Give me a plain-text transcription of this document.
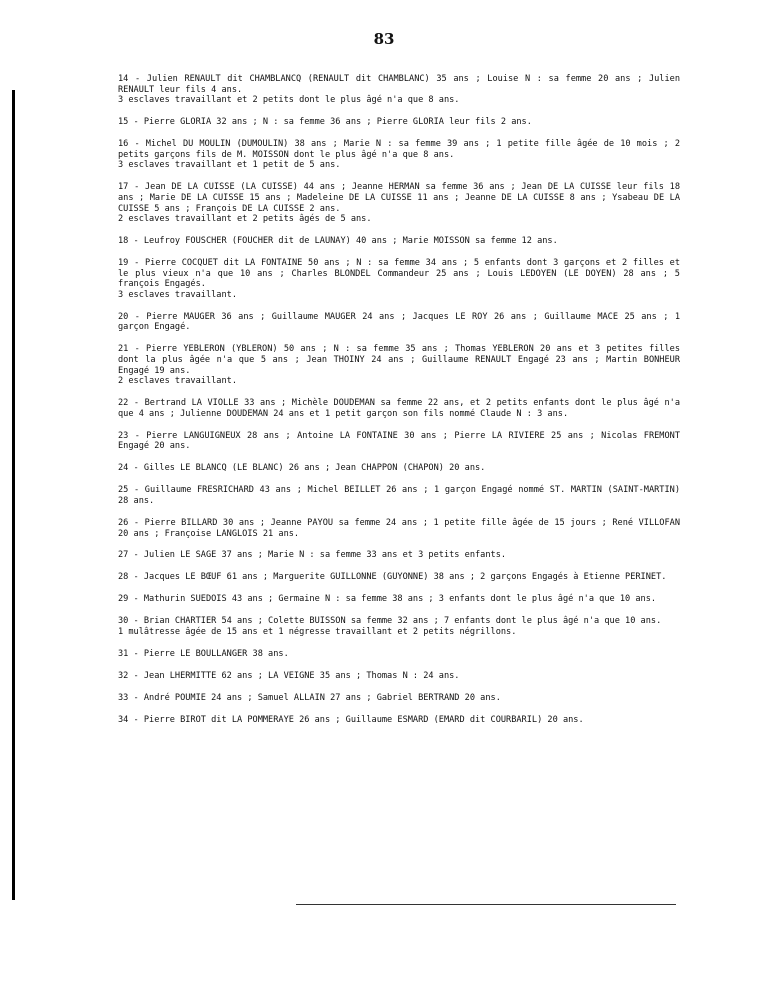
83

14 - Julien RENAULT dit CHAMBLANCQ (RENAULT dit CHAMBLANC) 35 ans ; Louise N : sa femme 20 ans ; Julien RENAULT leur fils 4 ans.
3 esclaves travaillant et 2 petits dont le plus âgé n'a que 8 ans.

15 - Pierre GLORIA 32 ans ; N : sa femme 36 ans ; Pierre GLORIA leur fils 2 ans.

16 - Michel DU MOULIN (DUMOULIN) 38 ans ; Marie N : sa femme 39 ans ; 1 petite fille âgée de 10 mois ; 2 petits garçons fils de M. MOISSON dont le plus âgé n'a que 8 ans.
3 esclaves travaillant et 1 petit de 5 ans.

17 - Jean DE LA CUISSE (LA CUISSE) 44 ans ; Jeanne HERMAN sa femme 36 ans ; Jean DE LA CUISSE leur fils 18 ans ; Marie DE LA CUISSE 15 ans ; Madeleine DE LA CUISSE 11 ans ; Jeanne DE LA CUISSE 8 ans ; Ysabeau DE LA CUISSE 5 ans ; François DE LA CUISSE 2 ans.
2 esclaves travaillant et 2 petits âgés de 5 ans.

18 - Leufroy FOUSCHER (FOUCHER dit de LAUNAY) 40 ans ; Marie MOISSON sa femme 12 ans.

19 - Pierre COCQUET dit LA FONTAINE 50 ans ; N : sa femme 34 ans ; 5 enfants dont 3 garçons et 2 filles et le plus vieux n'a que 10 ans ; Charles BLONDEL Commandeur 25 ans ; Louis LEDOYEN (LE DOYEN) 28 ans ; 5 françois Engagés.
3 esclaves travaillant.

20 - Pierre MAUGER 36 ans ; Guillaume MAUGER 24 ans ; Jacques LE ROY 26 ans ; Guillaume MACE 25 ans ; 1 garçon Engagé.

21 - Pierre YEBLERON (YBLERON) 50 ans ; N : sa femme 35 ans ; Thomas YEBLERON 20 ans et 3 petites filles dont la plus âgée n'a que 5 ans ; Jean THOINY 24 ans ; Guillaume RENAULT Engagé 23 ans ; Martin BONHEUR Engagé 19 ans.
2 esclaves travaillant.

22 - Bertrand LA VIOLLE 33 ans ; Michèle DOUDEMAN sa femme 22 ans, et 2 petits enfants dont le plus âgé n'a que 4 ans ; Julienne DOUDEMAN 24 ans et 1 petit garçon son fils nommé Claude N : 3 ans.

23 - Pierre LANGUIGNEUX 28 ans ; Antoine LA FONTAINE 30 ans ; Pierre LA RIVIERE 25 ans ; Nicolas FREMONT Engagé 20 ans.

24 - Gilles LE BLANCQ (LE BLANC) 26 ans ; Jean CHAPPON (CHAPON) 20 ans.

25 - Guillaume FRESRICHARD 43 ans ; Michel BEILLET 26 ans ; 1 garçon Engagé nommé ST. MARTIN (SAINT-MARTIN) 28 ans.

26 - Pierre BILLARD 30 ans ; Jeanne PAYOU sa femme 24 ans ; 1 petite fille âgée de 15 jours ; René VILLOFAN 20 ans ; Françoise LANGLOIS 21 ans.

27 - Julien LE SAGE 37 ans ; Marie N : sa femme 33 ans et 3 petits enfants.

28 - Jacques LE BŒUF 61 ans ; Marguerite GUILLONNE (GUYONNE) 38 ans ; 2 garçons Engagés à Etienne PERINET.

29 - Mathurin SUEDOIS 43 ans ; Germaine N : sa femme 38 ans ; 3 enfants dont le plus âgé n'a que 10 ans.

30 - Brian CHARTIER 54 ans ; Colette BUISSON sa femme 32 ans ; 7 enfants dont le plus âgé n'a que 10 ans.
1 mulâtresse âgée de 15 ans et 1 négresse travaillant et 2 petits négrillons.

31 - Pierre LE BOULLANGER 38 ans.

32 - Jean LHERMITTE 62 ans ; LA VEIGNE 35 ans ; Thomas N : 24 ans.

33 - André POUMIE 24 ans ; Samuel ALLAIN 27 ans ; Gabriel BERTRAND 20 ans.

34 - Pierre BIROT dit LA POMMERAYE 26 ans ; Guillaume ESMARD (EMARD dit COURBARIL) 20 ans.
